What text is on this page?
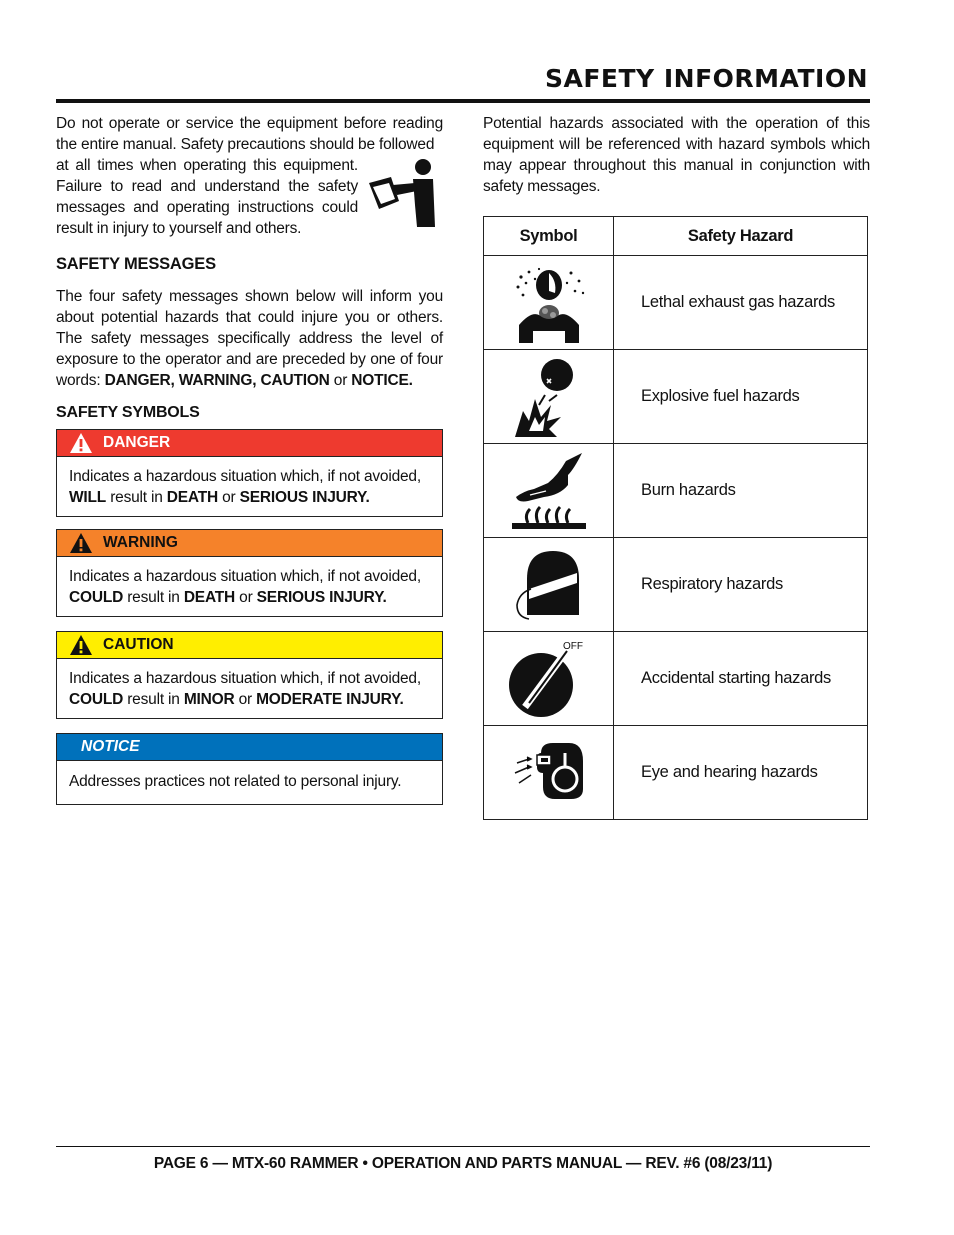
SAFETY INFORMATION

Do not operate or service the equipment before reading the entire manual. Safety precautions should be followed

at all times when operating this equipment. Failure to read and understand the safety messages and operating instructions could result in injury to yourself and others.

SAFETY MESSAGES

The four safety messages shown below will inform you about potential hazards that could injure you or others. The safety messages specifically address the level of exposure to the operator and are preceded by one of four words: DANGER, WARNING, CAUTION or NOTICE.

SAFETY SYMBOLS
DANGER
Indicates a hazardous situation which, if not avoided, WILL result in DEATH or SERIOUS INJURY.
WARNING
Indicates a hazardous situation which, if not avoided, COULD result in DEATH or SERIOUS INJURY.
CAUTION
Indicates a hazardous situation which, if not avoided, COULD result in MINOR or MODERATE INJURY.
NOTICE
Addresses practices not related to personal injury.

Potential hazards associated with the operation of this equipment will be referenced with hazard symbols which may appear throughout this manual in conjunction with safety messages.

Symbol	Safety Hazard

	Lethal exhaust gas hazards

	Explosive fuel hazards

	Burn hazards

	Respiratory hazards

OFF	Accidental starting hazards

	Eye and hearing hazards
PAGE 6 — MTX-60 RAMMER • OPERATION AND PARTS MANUAL — REV. #6 (08/23/11)
